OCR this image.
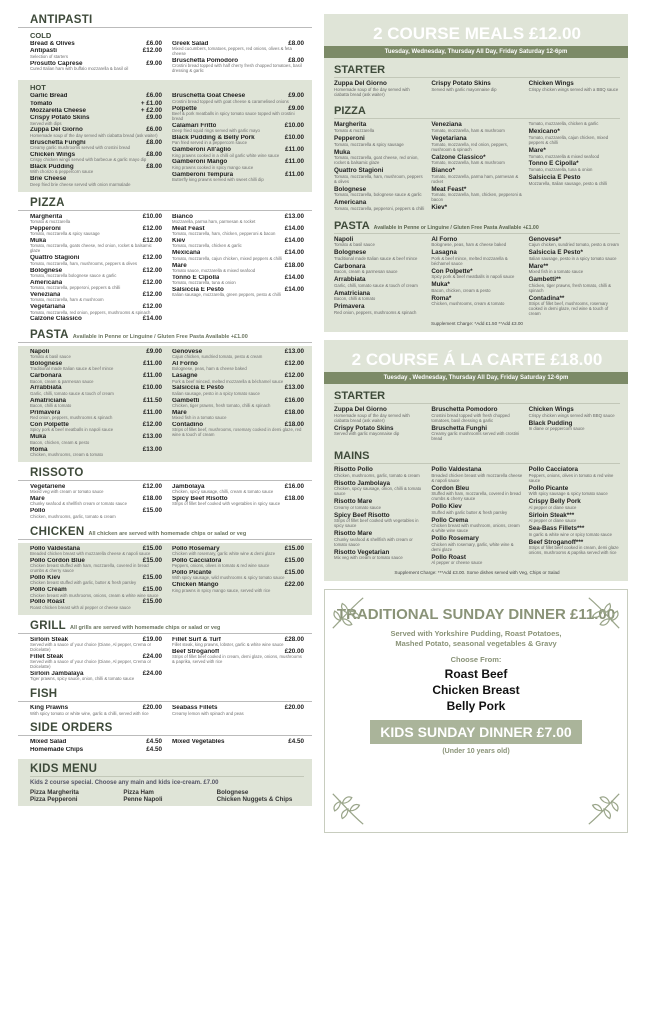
ANTIPASTI
COLD
Bread & Olives	£6.00
Antipasti	£12.00
Selection of starters
Prosutto Caprese	£9.00
Cured Italian ham with buffalo mozzarella & basil oil
Greek Salad	£8.00
Mixed cucumbers, tomatoes, peppers, red onions, olives & feta cheese
Bruschetta Pomodoro	£8.00
Crostini bread topped with half cherry fresh chopped tomatoes, basil dressing & garlic
HOT
Garlic Bread	£6.00
Tomato	+ £1.00
Mozzarella Cheese	+ £2.00
Crispy Potato Skins	£9.00
Served with dips
Zuppa Del Giorno	£6.00
Homemade soup of the day served with ciabatta bread (ask waiter)
Bruschetta Funghi	£8.00
Creamy garlic mushrooms served with crostini bread
Chicken Wings	£8.00
Crispy chicken wings served with barbecue & garlic mayo dip
Black Pudding	£8.00
With chorizo & peppercorn sauce
Brie Cheese
Deep fried brie cheese served with onion marmalade
Bruschetta Goat Cheese	£9.00
Crostini bread topped with goat cheese & caramelised onions
Polpette	£9.00
Beef & pork meatballs in spicy tomato sauce topped with crostini bread
Calamari Fritto	£10.00
Deep fried squid rings served with garlic mayo
Black Pudding & Belly Pork	£10.00
Pan fried served in a peppercorn sauce
Gamberoni All'aglio	£11.00
King prawns cooked in a chilli oil garlic white wine sauce
Gamberoni Mango	£11.00
King prawns cooked in spicy mango sauce
Gamberoni Tempura	£11.00
Butterfly king prawns served with sweet chilli dip
PIZZA
Margherita	£10.00
Tomato & mozzarella
Pepperoni	£12.00
Tomato, mozzarella & spicy sausage
Muka	£12.00
Tomato, mozzarella, goats cheese, red onion, rocket & balsamic glaze
Quattro Stagioni	£12.00
Tomato, mozzarella, ham, mushrooms, peppers & olives
Bolognese	£12.00
Tomato, mozzarella bolognese sauce & garlic
Americana	£12.00
Tomato, mozzarella, pepperoni, peppers & chilli
Veneziana	£12.00
Tomato, mozzarella, ham & mushroom
Vegetariana	£12.00
Tomato, mozzarella, red onion, peppers, mushrooms & spinach
Calzone Classico	£14.00
Bianco	£13.00
Mozzarella, parma ham, parmesan & rocket
Meat Feast	£14.00
Tomato, mozzarella, ham, chicken, pepperoni & bacon
Kiev	£14.00
Tomato, mozzarella, chicken & garlic
Mexicana	£14.00
Tomato, mozzarella, cajun chicken, mixed peppers & chilli
Mare	£18.00
Tomato sauce, mozzarella & mixed seafood
Tonno E Cipolla	£14.00
Tomato, mozzarella, tuna & onion
Salsiccia E Pesto	£14.00
Italian sausage, mozzarella, green peppers, pesto & chilli
PASTA Available in Penne or Linguine / Gluten Free Pasta Available +£1.00
Napoli	£9.00
Tomato & basil sauce
Bolognese	£11.00
Traditional made Italian sauce & beef mince
Carbonara	£11.00
Bacon, cream & parmesan sauce
Arrabbiata	£10.00
Garlic, chilli, tomato sauce & touch of cream
Amatriciana	£11.50
Bacon, chilli & tomato
Primavera	£11.00
Red onion, peppers, mushrooms & spinach
Con Polpette	£12.00
Spicy pork & beef meatballs in napoli sauce
Muka	£13.00
Bacon, chicken, cream & pesto
Roma	£13.00
Chicken, mushrooms, cream & tomato
Genovese	£13.00
Cajun chicken, sundried tomato, pesto & cream
Al Forno	£12.00
Bolognese, peas, ham & cheese baked
Lasagne	£12.00
Pork & beef minced, melted mozzarella & béchamel sauce
Salsiccia E Pesto	£13.00
Italian sausage, pesto in a spicy tomato sauce
Gambetti	£16.00
Chicken, tiger prawns, fresh tomato, chilli & spinach
Mare	£18.00
Mixed fish in a tomato sauce
Contadino	£18.00
Strips of fillet beef, mushrooms, rosemary cooked in demi glaze, red wine & touch of cream
RISSOTO
Vegetariene	£12.00
Mixed veg with cream or tomato sauce
Mare	£18.00
Chunky seafood & shellfish cream or tomato sauce
Pollo	£15.00
Chicken, mushrooms, garlic, tomato & cream
Jambolaya	£16.00
Chicken, spicy sausage, chilli, cream & tomato sauce
Spicy Beef Risotto	£18.00
Strips of fillet beef cooked with vegetables in spicy sauce
CHICKEN All chicken are served with homemade chips or salad or veg
Pollo Valdestana	£15.00
Breaded chicken breast with mozzarella cheese & napoli sauce
Pollo Cordon Blue	£15.00
Chicken breast stuffed with ham, mozzarella, covered in bread crumbs & cherry sauce
Pollo Kiev	£15.00
Chicken breast stuffed with garlic, butter & fresh parsley
Pollo Cream	£15.00
Chicken breast with mushrooms, onions, cream & white wine sauce
Pollo Roast	£15.00
Roast chicken breast with al pepper or cheese sauce
Pollo Rosemary	£15.00
Chicken with rosemary, garlic white wine & demi glaze
Pollo Cacciatora	£15.00
Peppers, onions, olives in tomato & red wine sauce
Pollo Picante	£15.00
With spicy sausage, wild mushrooms & spicy tomato sauce
Chicken Mango	£22.00
King prawns in spicy mango sauce, served with rice
GRILL All grills are served with homemade chips or salad or veg
Sirloin Steak	£19.00
Served with a sauce of your choice (Diane, Al pepper, Crema or Dolcelatte)
Fillet Steak	£24.00
Served with a sauce of your choice (Diane, Al pepper, Crema or Dolcelatte)
Sirloin Jambalaya	£24.00
Tiger prawns, spicy sauce, onion, chilli & tomato sauce
Fillet Surf & Turf	£28.00
Fillet steak, king prawns, lobster, garlic & white wine sauce
Beef Stroganoff	£20.00
Strips of fillet beef cooked in cream, demi glaze, onions, mushrooms & paprika, served with rice
FISH
King Prawns	£20.00
With spicy tomato or white wine, garlic & chilli, served with rice
Seabass Fillets	£20.00
Creamy lemon with spinach and peas
SIDE ORDERS
Mixed Salad	£4.50
Homemade Chips	£4.50
Mixed Vegetables	£4.50
KIDS MENU
Kids 2 course special. Choose any main and kids ice-cream. £7.00
Pizza Margherita
Pizza Pepperoni
Pizza Ham
Penne Napoli
Bolognese
Chicken Nuggets & Chips
2 COURSE MEALS £12.00
Tuesday, Wednesday, Thursday All Day, Friday Saturday 12-6pm
STARTER
Zuppa Del Giorno
Homemade soup of the day served with ciabatta bread (ask waiter)
Crispy Potato Skins
Served with garlic mayonnaise dip
Chicken Wings
Crispy chicken wings served with a BBQ sauce
PIZZA
Margherita
Tomato & mozzarella
Pepperoni
Tomato, mozzarella & spicy sausage
Muka
Tomato, mozzarella, goat cheese, red onion, rocket & balsamic glaze
Quattro Stagioni
Tomato, mozzarella, ham, mushroom, peppers & olives
Bolognese
Tomato, mozzarella, bolognese sauce & garlic
Americana
Tomato, mozzarella, pepperoni, peppers & chilli
Veneziana
Tomato, mozzarella, ham & mushroom
Vegetariana
Tomato, mozzarella, red onion, peppers, mushroom & spinach
Calzone Classico*
Tomato, mozzarella, ham & mushroom
Bianco*
Tomato, mozzarella, parma ham, parmesan & rocket
Meat Feast*
Tomato, mozzarella, ham, chicken, pepperoni & bacon
Kiev*
Tomato, mozzarella, chicken & garlic
Mexicano*
Tomato, mozzarella, cajun chicken, mixed peppers & chilli
Mare*
Tomato, mozzarella & mixed seafood
Tonno E Cipolla*
Tomato, mozzarella, tuna & onion
Salsiccia E Pesto
Mozzarella, Italian sausage, pesto & chilli
PASTA Available in Penne or Linguine / Gluten Free Pasta Available +£1.00
Napoli
Tomato & basil sauce
Bolognese
Traditional made Italian sauce & beef mince
Carbonara
Bacon, cream & parmesan sauce
Arrabbiata
Garlic, chilli, tomato sauce & touch of cream
Amatriciana
Bacon, chilli & tomato
Primavera
Red onion, peppers, mushrooms & spinach
Al Forno
Bolognese, peas, ham & cheese baked
Lasagna
Pork & beef mince, melted mozzarella & béchamel sauce
Con Polpette*
Spicy pork & beef meatballs in napoli sauce
Muka*
Bacon, chicken, cream & pesto
Roma*
Chicken, mushrooms, cream & tomato
Genovese*
Cajun chicken, sundried tomato, pesto & cream
Salsiccia E Pesto*
Italian sausage, pesto in a spicy tomato sauce
Mare**
Mixed fish in a tomato sauce
Gambetti**
Chicken, tiger prawns, fresh tomato, chilli & spinach
Contadina**
Strips of fillet beef, mushrooms, rosemary cooked in demi glaze, red wine & touch of cream
Supplement Charge: *Add £1.50 **Add £3.00
2 COURSE Á LA CARTE £18.00
Tuesday , Wednesday, Thursday All Day, Friday Saturday 12-6pm
STARTER
Zuppa Del Giorno
Homemade soup of the day served with ciabatta bread (ask waiter)
Crispy Potato Skins
Served with garlic mayonnaise dip
Bruschetta Pomodoro
Crostini bread topped with fresh chopped tomatoes, basil dressing & garlic
Bruschetta Funghi
Creamy garlic mushrooms served with crostini bread
Chicken Wings
Crispy chicken wings served with BBQ sauce
Black Pudding
In diane or peppercorn sauce
MAINS
Risotto Pollo
Chicken, mushrooms, garlic, tomato & cream
Risotto Jambolaya
Chicken, spicy sausage, onion, chilli & tomato sauce
Risotto Mare
Creamy or tomato sauce
Spicy Beef Risotto
Strips of fillet beef cooked with vegetables in spicy sauce
Risotto Mare
Chunky seafood & shellfish with cream or tomato sauce
Risotto Vegetarian
Mix veg with cream or tomato sauce
Pollo Valdestana
Breaded chicken breast with mozzarella cheese & napoli sauce
Cordon Bleu
Stuffed with ham, mozzarella, covered in bread crumbs & cherry sauce
Pollo Kiev
Stuffed with garlic butter & fresh parsley
Pollo Crema
Chicken breast with mushroom, onions, cream & white wine sauce
Pollo Rosemary
Chicken with rosemary, garlic, white wine & demi glaze
Pollo Roast
Al pepper or cheese sauce
Pollo Cacciatora
Peppers, onions, olives in tomato & red wine sauce
Pollo Picante
With spicy sausage & spicy tomato sauce
Crispy Belly Pork
Al pepper or diane sauce
Sirloin Steak***
Al pepper or diane sauce
Sea-Bass Fillets***
In garlic & white wine or spicy tomato sauce
Beef Stroganoff***
Strips of fillet beef cooked in cream, demi glaze onions, mushrooms & paprika served with rice
Supplement Charge: ***Add £3.00. Some dishes served with Veg, Chips or Salad
TRADITIONAL SUNDAY DINNER £11.00
Served with Yorkshire Pudding, Roast Potatoes,
Mashed Potato, seasonal vegetables & Gravy
Choose From:
Roast Beef
Chicken Breast
Belly Pork
KIDS SUNDAY DINNER £7.00
(Under 10 years old)
